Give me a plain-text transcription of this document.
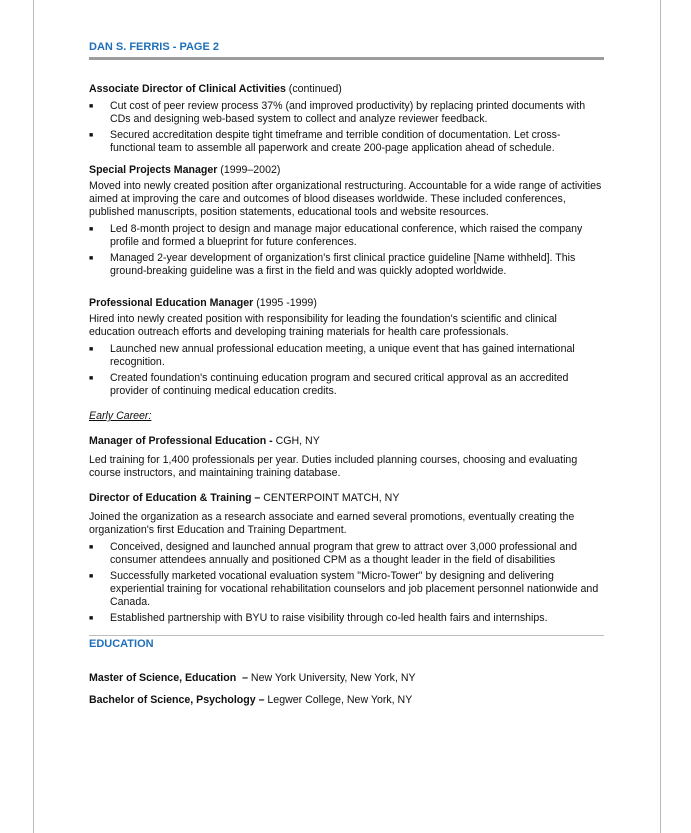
DAN S. FERRIS - PAGE 2
Associate Director of Clinical Activities (continued)
■ Cut cost of peer review process 37% (and improved productivity) by replacing printed documents with CDs and designing web-based system to collect and analyze reviewer feedback.
■ Secured accreditation despite tight timeframe and terrible condition of documentation. Let cross-functional team to assemble all paperwork and create 200-page application ahead of schedule.
Special Projects Manager (1999–2002)

Moved into newly created position after organizational restructuring. Accountable for a wide range of activities aimed at improving the care and outcomes of blood diseases worldwide. These included conferences, published manuscripts, position statements, educational tools and website resources.

■ Led 8-month project to design and manage major educational conference, which raised the company profile and formed a blueprint for future conferences.
■ Managed 2-year development of organization's first clinical practice guideline [Name withheld]. This ground-breaking guideline was a first in the field and was quickly adopted worldwide.
Professional Education Manager (1995 -1999)

Hired into newly created position with responsibility for leading the foundation's scientific and clinical education outreach efforts and developing training materials for health care professionals.

■ Launched new annual professional education meeting, a unique event that has gained international recognition.
■ Created foundation's continuing education program and secured critical approval as an accredited provider of continuing medical education credits.
Early Career:
Manager of Professional Education - CGH, NY

Led training for 1,400 professionals per year. Duties included planning courses, choosing and evaluating course instructors, and maintaining training database.

Director of Education & Training – CENTERPOINT MATCH, NY

Joined the organization as a research associate and earned several promotions, eventually creating the organization's first Education and Training Department.

■ Conceived, designed and launched annual program that grew to attract over 3,000 professional and consumer attendees annually and positioned CPM as a thought leader in the field of disabilities
■ Successfully marketed vocational evaluation system "Micro-Tower" by designing and delivering experiential training for vocational rehabilitation counselors and job placement personnel nationwide and Canada.
■ Established partnership with BYU to raise visibility through co-led health fairs and internships.
EDUCATION
Master of Science, Education  – New York University, New York, NY
Bachelor of Science, Psychology – Legwer College, New York, NY
